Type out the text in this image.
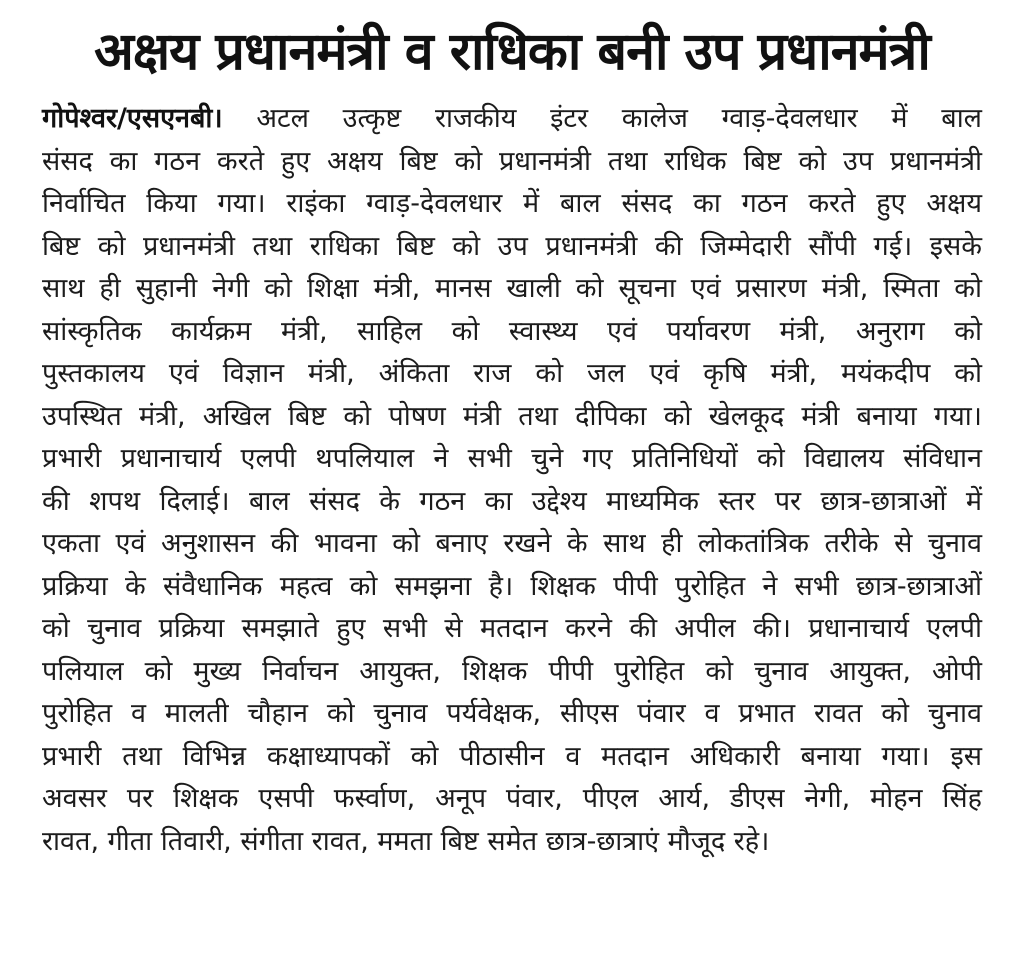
अक्षय प्रधानमंत्री व राधिका बनी उप प्रधानमंत्री
गोपेश्वर/एसएनबी। अटल उत्कृष्ट राजकीय इंटर कालेज ग्वाड़-देवलधार में बाल
संसद का गठन करते हुए अक्षय बिष्ट को प्रधानमंत्री तथा राधिक बिष्ट को उप प्रधानमंत्री
निर्वाचित किया गया। राइंका ग्वाड़-देवलधार में बाल संसद का गठन करते हुए अक्षय
बिष्ट को प्रधानमंत्री तथा राधिका बिष्ट को उप प्रधानमंत्री की जिम्मेदारी सौंपी गई। इसके
साथ ही सुहानी नेगी को शिक्षा मंत्री, मानस खाली को सूचना एवं प्रसारण मंत्री, स्मिता को
सांस्कृतिक कार्यक्रम मंत्री, साहिल को स्वास्थ्य एवं पर्यावरण मंत्री, अनुराग को
पुस्तकालय एवं विज्ञान मंत्री, अंकिता राज को जल एवं कृषि मंत्री, मयंकदीप को
उपस्थित मंत्री, अखिल बिष्ट को पोषण मंत्री तथा दीपिका को खेलकूद मंत्री बनाया गया।
प्रभारी प्रधानाचार्य एलपी थपलियाल ने सभी चुने गए प्रतिनिधियों को विद्यालय संविधान
की शपथ दिलाई। बाल संसद के गठन का उद्देश्य माध्यमिक स्तर पर छात्र-छात्राओं में
एकता एवं अनुशासन की भावना को बनाए रखने के साथ ही लोकतांत्रिक तरीके से चुनाव
प्रक्रिया के संवैधानिक महत्व को समझना है। शिक्षक पीपी पुरोहित ने सभी छात्र-छात्राओं
को चुनाव प्रक्रिया समझाते हुए सभी से मतदान करने की अपील की। प्रधानाचार्य एलपी
पलियाल को मुख्य निर्वाचन आयुक्त, शिक्षक पीपी पुरोहित को चुनाव आयुक्त, ओपी
पुरोहित व मालती चौहान को चुनाव पर्यवेक्षक, सीएस पंवार व प्रभात रावत को चुनाव
प्रभारी तथा विभिन्न कक्षाध्यापकों को पीठासीन व मतदान अधिकारी बनाया गया। इस
अवसर पर शिक्षक एसपी फर्स्वाण, अनूप पंवार, पीएल आर्य, डीएस नेगी, मोहन सिंह
रावत, गीता तिवारी, संगीता रावत, ममता बिष्ट समेत छात्र-छात्राएं मौजूद रहे।
